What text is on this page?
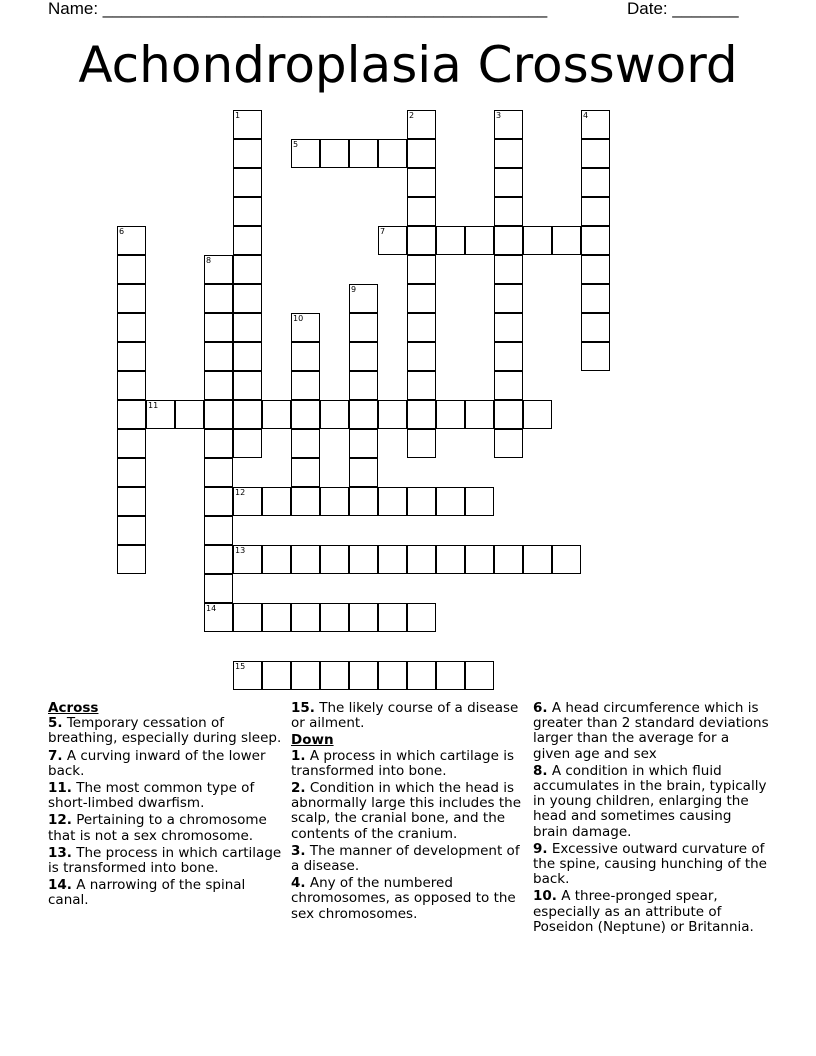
Name: _______________________________________________	Date: _______
Achondroplasia Crossword
1	2	3	4
5
6	7
8
14
9
10
11
12
13
15
Across

5. Temporary cessation of breathing, especially during sleep.

7. A curving inward of the lower back.

11. The most common type of short-limbed dwarfism.

12. Pertaining to a chromosome that is not a sex chromosome.

13. The process in which cartilage is transformed into bone.

14. A narrowing of the spinal canal.

15. The likely course of a disease or ailment.

Down

1. A process in which cartilage is transformed into bone.

2. Condition in which the head is abnormally large this includes the scalp, the cranial bone, and the contents of the cranium.

3. The manner of development of a disease.

4. Any of the numbered chromosomes, as opposed to the sex chromosomes.

6. A head circumference which is greater than 2 standard deviations larger than the average for a given age and sex

8. A condition in which fluid accumulates in the brain, typically in young children, enlarging the head and sometimes causing brain damage.

9. Excessive outward curvature of the spine, causing hunching of the back.

10. A three-pronged spear, especially as an attribute of Poseidon (Neptune) or Britannia.
